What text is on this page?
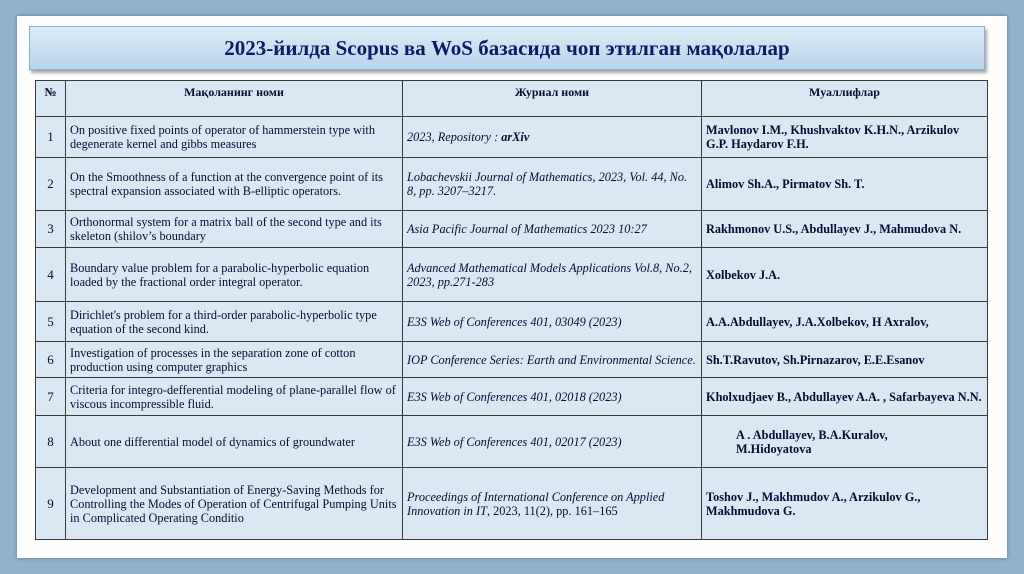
2023-йилда Scopus ва WoS базасида чоп этилган мақолалар
№	Мақоланинг номи	Журнал номи	Муаллифлар
1	On positive fixed points of operator of hammerstein type with degenerate kernel and gibbs measures	2023, Repository : arXiv	Mavlonov I.M., Khushvaktov K.H.N., Arzikulov G.P. Haydarov F.H.
2	On the Smoothness of a function at the convergence point of its spectral expansion associated with B-elliptic operators.	Lobachevskii Journal of Mathematics, 2023, Vol. 44, No. 8, pp. 3207–3217.	Alimov Sh.A., Pirmatov Sh. T.
3	Orthonormal system for a matrix ball of the second type and its skeleton (shilov’s boundary	Asia Pacific Journal of Mathematics 2023 10:27	Rakhmonov U.S., Abdullayev J., Mahmudova N.
4	Boundary value problem for a parabolic-hyperbolic equation loaded by the fractional order integral operator.	Advanced Mathematical Models Applications Vol.8, No.2, 2023, pp.271-283	Xolbekov J.A.
5	Dirichlet's problem for a third-order parabolic-hyperbolic type equation of the second kind.	E3S Web of Conferences 401, 03049 (2023)	A.A.Abdullayev, J.A.Xolbekov, H Axralov,
6	Investigation of processes in the separation zone of cotton production using computer graphics	IOP Conference Series: Earth and Environmental Science.	Sh.T.Ravutov, Sh.Pirnazarov, E.E.Esanov
7	Criteria for integro-defferential modeling of plane-parallel flow of viscous incompressible fluid.	E3S Web of Conferences 401, 02018 (2023)	Kholxudjaev B., Abdullayev A.A. , Safarbayeva N.N.
8	About one differential model of dynamics of groundwater	E3S Web of Conferences 401, 02017 (2023)	A . Abdullayev, B.A.Kuralov,
M.Hidoyatova

9	Development and Substantiation of Energy-Saving Methods for Controlling the Modes of Operation of Centrifugal Pumping Units in Complicated Operating Conditio	Proceedings of International Conference on Applied Innovation in IT, 2023, 11(2), pp. 161–165	Toshov J., Makhmudov A., Arzikulov G., Makhmudova G.
